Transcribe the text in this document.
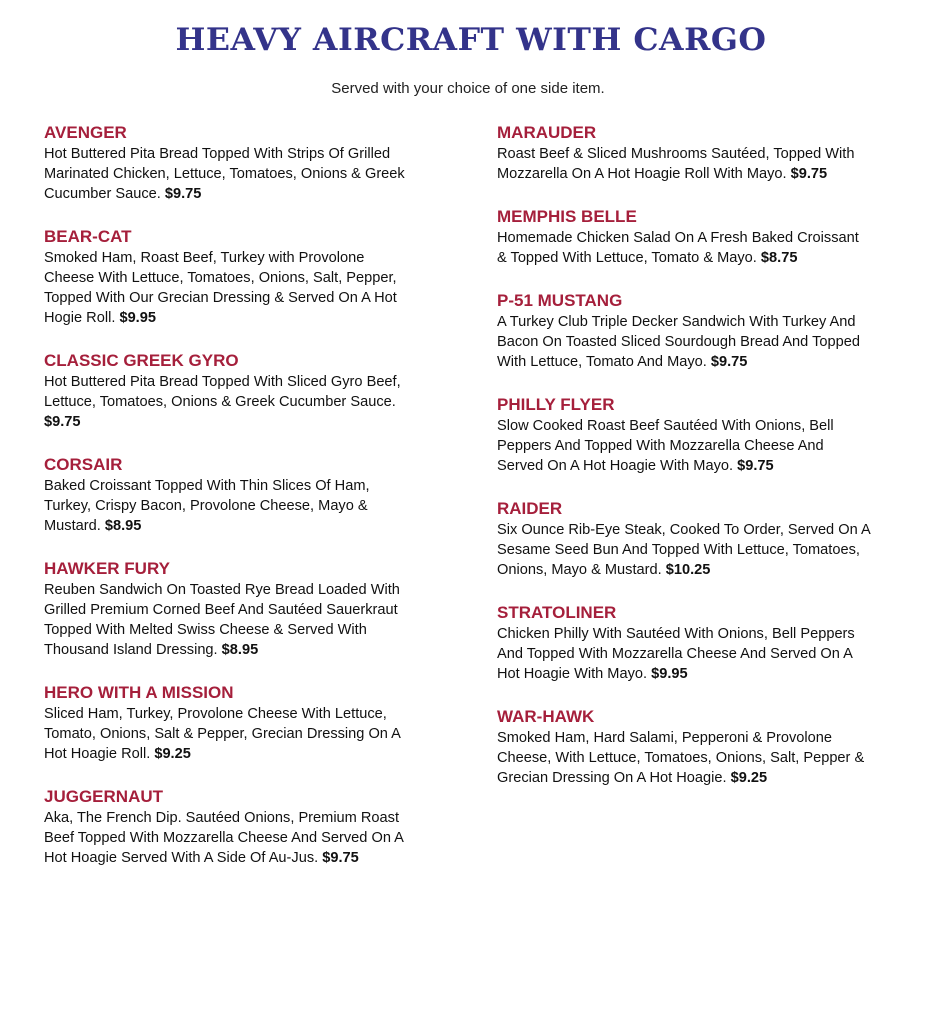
HEAVY AIRCRAFT WITH CARGO
Served with your choice of one side item.
sirved
AVENGER
Hot Buttered Pita Bread Topped With Strips Of Grilled
Marinated Chicken, Lettuce, Tomatoes, Onions & Greek
Cucumber Sauce. $9.75
BEAR-CAT
Smoked Ham, Roast Beef, Turkey with Provolone
Cheese With Lettuce, Tomatoes, Onions, Salt, Pepper,
Topped With Our Grecian Dressing & Served On A Hot
Hogie Roll. $9.95
CLASSIC GREEK GYRO
Hot Buttered Pita Bread Topped With Sliced Gyro Beef,
Lettuce, Tomatoes, Onions & Greek Cucumber Sauce.
$9.75
CORSAIR
Baked Croissant Topped With Thin Slices Of Ham,
Turkey, Crispy Bacon, Provolone Cheese, Mayo &
Mustard. $8.95
HAWKER FURY
Reuben Sandwich On Toasted Rye Bread Loaded With
Grilled Premium Corned Beef And Sautéed Sauerkraut
Topped With Melted Swiss Cheese & Served With
Thousand Island Dressing. $8.95
HERO WITH A MISSION
Sliced Ham, Turkey, Provolone Cheese With Lettuce,
Tomato, Onions, Salt & Pepper, Grecian Dressing On A
Hot Hoagie Roll. $9.25
JUGGERNAUT
Aka, The French Dip. Sautéed Onions, Premium Roast
Beef Topped With Mozzarella Cheese And Served On A
Hot Hoagie Served With A Side Of Au-Jus. $9.75
MARAUDER
Roast Beef & Sliced Mushrooms Sautéed, Topped With
Mozzarella On A Hot Hoagie Roll With Mayo. $9.75
MEMPHIS BELLE
Homemade Chicken Salad On A Fresh Baked Croissant
& Topped With Lettuce, Tomato & Mayo. $8.75
P-51 MUSTANG
A Turkey Club Triple Decker Sandwich With Turkey And
Bacon On Toasted Sliced Sourdough Bread And Topped
With Lettuce, Tomato And Mayo. $9.75
PHILLY FLYER
Slow Cooked Roast Beef Sautéed With Onions, Bell
Peppers And Topped With Mozzarella Cheese And
Served On A Hot Hoagie With Mayo. $9.75
RAIDER
Six Ounce Rib-Eye Steak, Cooked To Order, Served On A
Sesame Seed Bun And Topped With Lettuce, Tomatoes,
Onions, Mayo & Mustard. $10.25
STRATOLINER
Chicken Philly With Sautéed With Onions, Bell Peppers
And Topped With Mozzarella Cheese And Served On A
Hot Hoagie With Mayo. $9.95
WAR-HAWK
Smoked Ham, Hard Salami, Pepperoni & Provolone
Cheese, With Lettuce, Tomatoes, Onions, Salt, Pepper &
Grecian Dressing On A Hot Hoagie. $9.25
